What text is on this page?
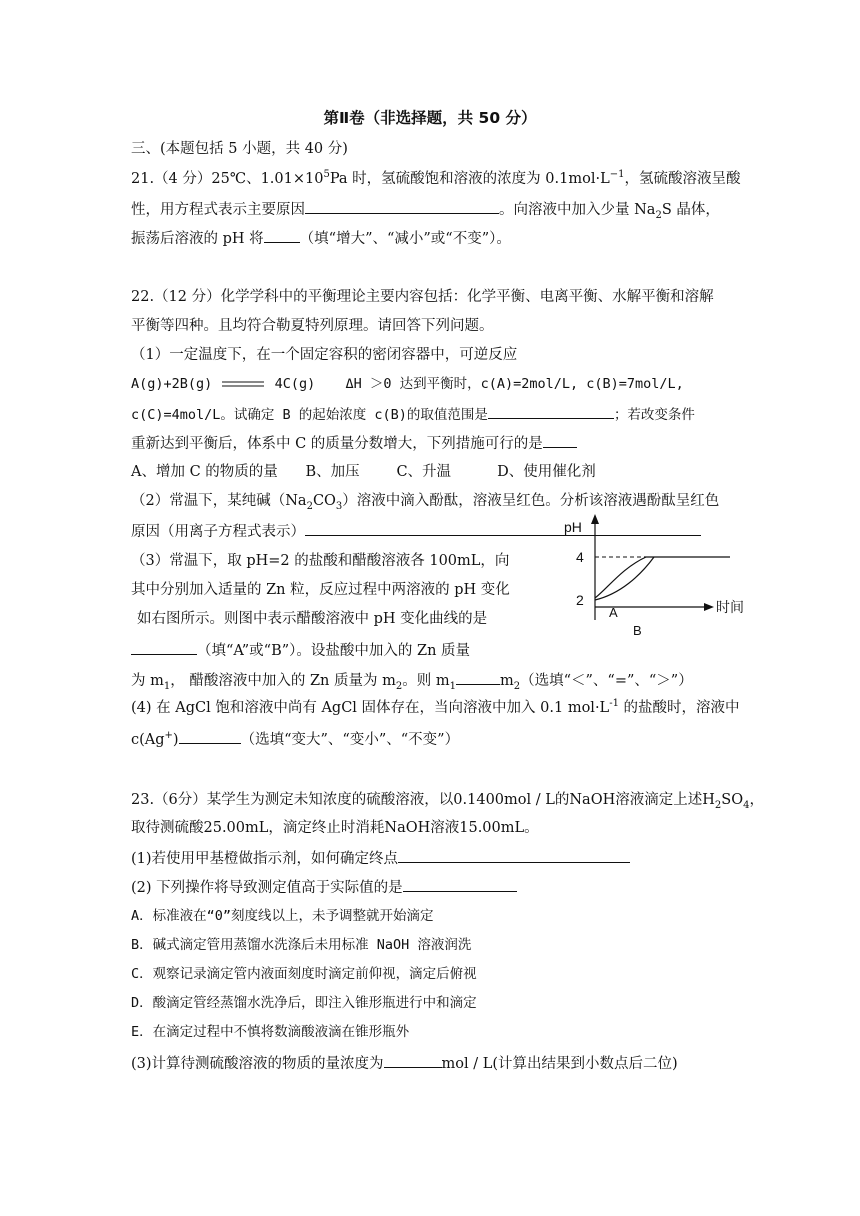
第Ⅱ卷（非选择题，共 50 分）
三、(本题包括 5 小题，共 40 分)
21.（4 分）25℃、$1.01\times 10^5Pa$ 时，氢硫酸饱和溶液的浓度为 $0.1mol\cdot L^{-1}$，氢硫酸溶液呈酸
性，用方程式表示主要原因	。向溶液中加入少量 $Na_2S$ 晶体，
振荡后溶液的 pH 将 （填“增大”、“减小”或“不变”）。
22.（12 分）化学学科中的平衡理论主要内容包括：化学平衡、电离平衡、水解平衡和溶解
平衡等四种。且均符合勒夏特列原理。请回答下列问题。
（1）一定温度下，在一个固定容积的密闭容器中，可逆反应
A(g)+2B(g)	4C(g) ΔH ＞0 达到平衡时，c(A)=2mol/L, c(B)=7mol/L,
c(C)=4mol/L。试确定 B 的起始浓度 c(B)的取值范围是	；若改变条件
重新达到平衡后，体系中 C 的质量分数增大，下列措施可行的是
A、增加 C 的物质的量      B、加压        C、升温          D、使用催化剂
（2）常温下，某纯碱$(Na_2CO_3)$溶液中滴入酚酞，溶液呈红色。分析该溶液遇酚酞呈红色
原因（用离子方程式表示）
（3）常温下，取 pH=2 的盐酸和醋酸溶液各 100mL，向
其中分别加入适量的 Zn 粒，反应过程中两溶液的 pH 变化
如右图所示。则图中表示醋酸溶液中 pH 变化曲线的是
（填“A”或“B”）。设盐酸中加入的 Zn 质量
为 $m_1$， 醋酸溶液中加入的 Zn 质量为 $m_2$。则 $m_1$	$m_2$（选填“＜”、“=”、“＞”）
(4) 在 AgCl 饱和溶液中尚有 AgCl 固体存在，当向溶液中加入 0.1 $mol\cdot L^{-1}$ 的盐酸时，溶液中
c(Ag+)	（选填“变大”、“变小”、“不变”）
pH
时间
4
2
A
B
23.（6分）某学生为测定未知浓度的硫酸溶液，以0.1400mol / L的NaOH溶液滴定上述$H_2SO_4$，
取待测硫酸25.00mL，滴定终止时消耗NaOH溶液15.00mL。
(1)若使用甲基橙做指示剂，如何确定终点
(2) 下列操作将导致测定值高于实际值的是
A．标准液在“0”刻度线以上，未予调整就开始滴定
B．碱式滴定管用蒸馏水洗涤后未用标准 NaOH 溶液润洗
C．观察记录滴定管内液面刻度时滴定前仰视，滴定后俯视
D．酸滴定管经蒸馏水洗净后，即注入锥形瓶进行中和滴定
E．在滴定过程中不慎将数滴酸液滴在锥形瓶外
(3)计算待测硫酸溶液的物质的量浓度为	mol / L(计算出结果到小数点后二位)
